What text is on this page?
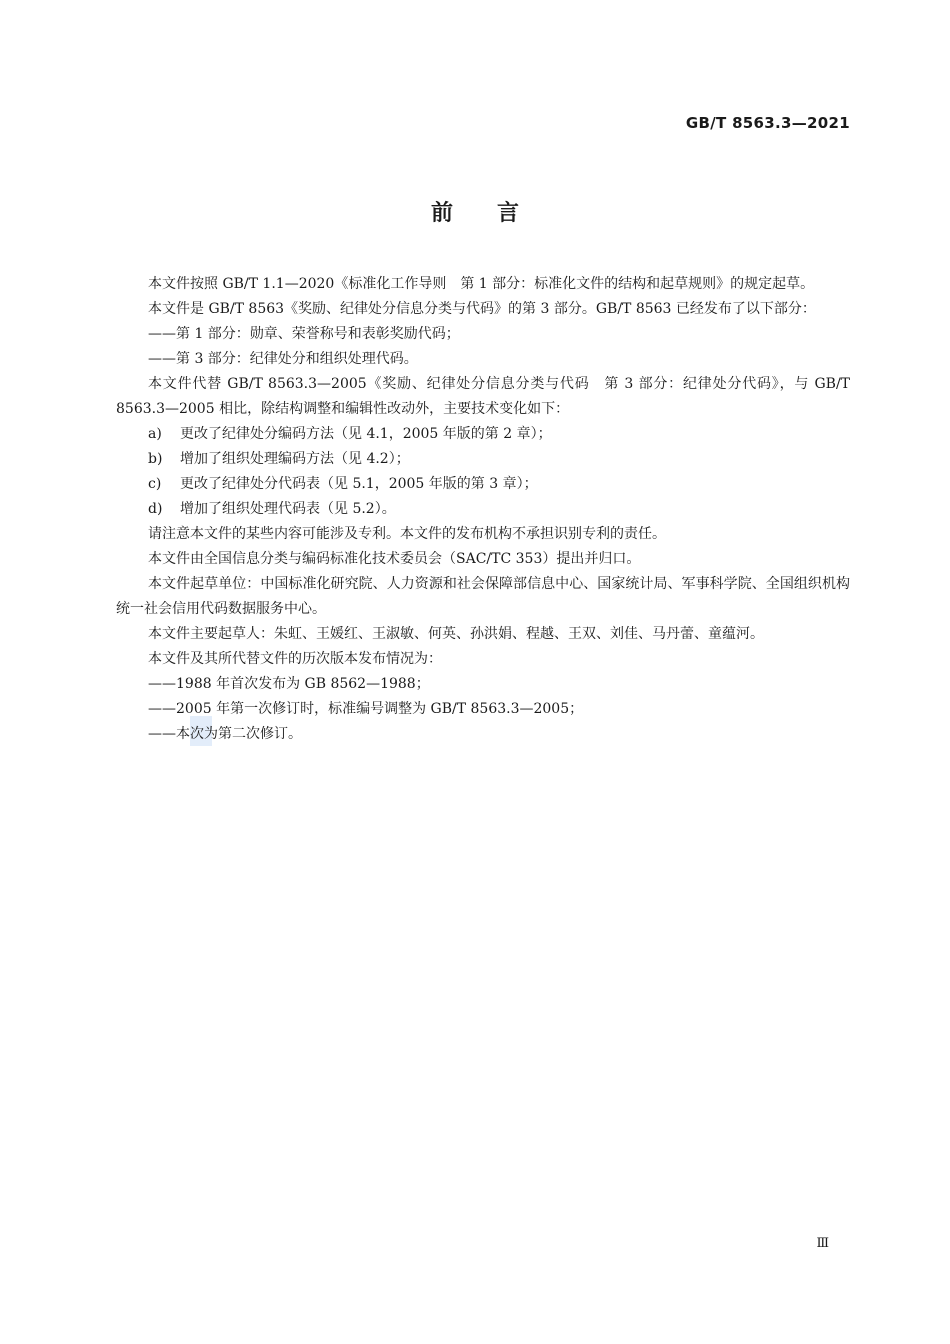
GB/T 8563.3—2021
前言

本文件按照 GB/T 1.1—2020《标准化工作导则　第 1 部分：标准化文件的结构和起草规则》的规定起草。

本文件是 GB/T 8563《奖励、纪律处分信息分类与代码》的第 3 部分。GB/T 8563 已经发布了以下部分：

——第 1 部分：勋章、荣誉称号和表彰奖励代码；

——第 3 部分：纪律处分和组织处理代码。

本文件代替 GB/T 8563.3—2005《奖励、纪律处分信息分类与代码　第 3 部分：纪律处分代码》，与 GB/T 8563.3—2005 相比，除结构调整和编辑性改动外，主要技术变化如下：

a) 更改了纪律处分编码方法（见 4.1，2005 年版的第 2 章）；

b) 增加了组织处理编码方法（见 4.2）；

c) 更改了纪律处分代码表（见 5.1，2005 年版的第 3 章）；

d) 增加了组织处理代码表（见 5.2）。

请注意本文件的某些内容可能涉及专利。本文件的发布机构不承担识别专利的责任。

本文件由全国信息分类与编码标准化技术委员会（SAC/TC 353）提出并归口。

本文件起草单位：中国标准化研究院、人力资源和社会保障部信息中心、国家统计局、军事科学院、全国组织机构统一社会信用代码数据服务中心。

本文件主要起草人：朱虹、王媛红、王淑敏、何英、孙洪娟、程越、王双、刘佳、马丹蕾、童蕴河。

本文件及其所代替文件的历次版本发布情况为：

——1988 年首次发布为 GB 8562—1988；

——2005 年第一次修订时，标准编号调整为 GB/T 8563.3—2005；

——本次为第二次修订。

Ⅲ
